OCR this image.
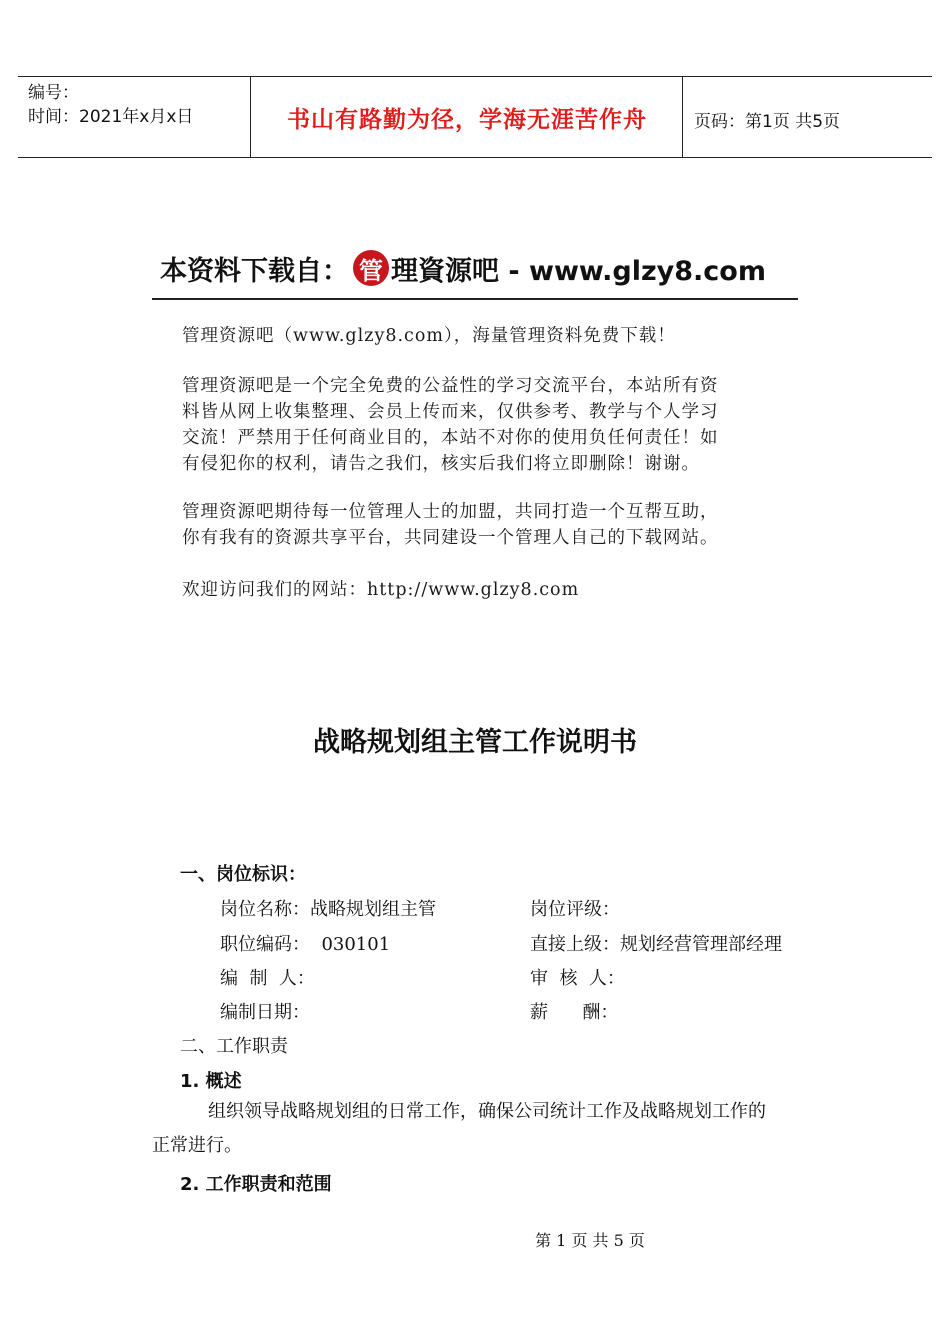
编号：
时间：2021年x月x日	书山有路勤为径，学海无涯苦作舟	页码：第1页 共5页
本资料下载自： 管 理資源吧 - www.glzy8.com

管理资源吧（www.glzy8.com），海量管理资料免费下载！

管理资源吧是一个完全免费的公益性的学习交流平台，本站所有资

料皆从网上收集整理、会员上传而来，仅供参考、教学与个人学习

交流！严禁用于任何商业目的，本站不对你的使用负任何责任！如

有侵犯你的权利，请告之我们，核实后我们将立即删除！谢谢。

管理资源吧期待每一位管理人士的加盟，共同打造一个互帮互助，

你有我有的资源共享平台，共同建设一个管理人自己的下载网站。

欢迎访问我们的网站：http://www.glzy8.com

战略规划组主管工作说明书
一、岗位标识：
岗位名称：战略规划组主管	岗位评级：
职位编码：  030101	直接上级：规划经营管理部经理
编  制  人：	审  核  人：
编制日期：	薪      酬：
二、工作职责
1. 概述
组织领导战略规划组的日常工作，确保公司统计工作及战略规划工作的
正常进行。
2. 工作职责和范围
第 1 页 共 5 页
